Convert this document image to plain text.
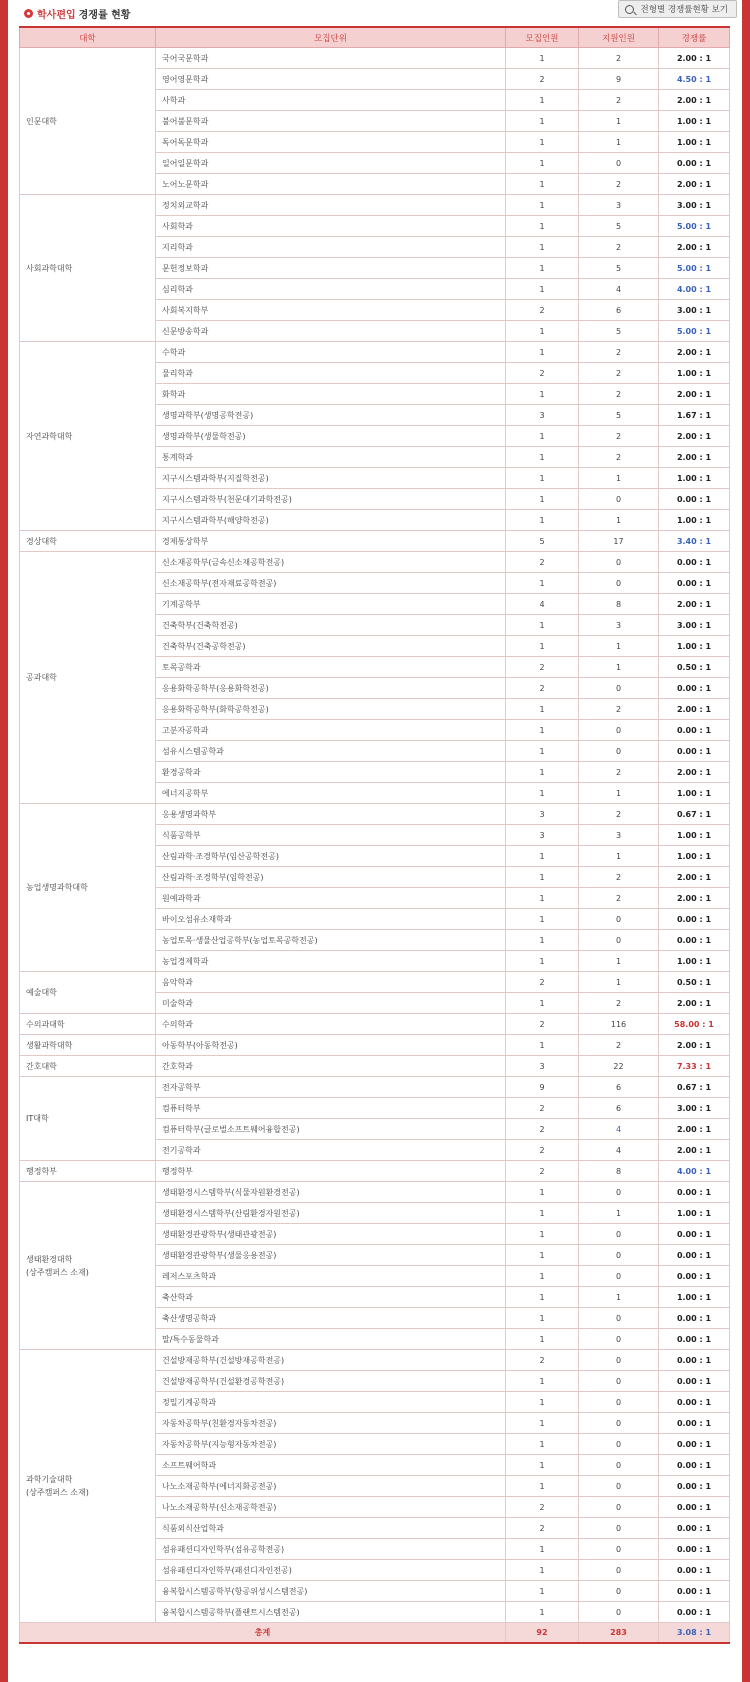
학사편입 경쟁률 현황	전형별 경쟁률현황 보기
대학	모집단위	모집인원	지원인원	경쟁률
인문대학	국어국문학과	1	2	2.00 : 1
	영어영문학과	2	9	4.50 : 1
	사학과	1	2	2.00 : 1
	불어불문학과	1	1	1.00 : 1
	독어독문학과	1	1	1.00 : 1
	일어일문학과	1	0	0.00 : 1
	노어노문학과	1	2	2.00 : 1
사회과학대학	정치외교학과	1	3	3.00 : 1
	사회학과	1	5	5.00 : 1
	지리학과	1	2	2.00 : 1
	문헌정보학과	1	5	5.00 : 1
	심리학과	1	4	4.00 : 1
	사회복지학부	2	6	3.00 : 1
	신문방송학과	1	5	5.00 : 1
자연과학대학	수학과	1	2	2.00 : 1
	물리학과	2	2	1.00 : 1
	화학과	1	2	2.00 : 1
	생명과학부(생명공학전공)	3	5	1.67 : 1
	생명과학부(생물학전공)	1	2	2.00 : 1
	통계학과	1	2	2.00 : 1
	지구시스템과학부(지질학전공)	1	1	1.00 : 1
	지구시스템과학부(천문대기과학전공)	1	0	0.00 : 1
	지구시스템과학부(해양학전공)	1	1	1.00 : 1
경상대학	경제통상학부	5	17	3.40 : 1
공과대학	신소재공학부(금속신소재공학전공)	2	0	0.00 : 1
	신소재공학부(전자재료공학전공)	1	0	0.00 : 1
	기계공학부	4	8	2.00 : 1
	건축학부(건축학전공)	1	3	3.00 : 1
	건축학부(건축공학전공)	1	1	1.00 : 1
	토목공학과	2	1	0.50 : 1
	응용화학공학부(응용화학전공)	2	0	0.00 : 1
	응용화학공학부(화학공학전공)	1	2	2.00 : 1
	고분자공학과	1	0	0.00 : 1
	섬유시스템공학과	1	0	0.00 : 1
	환경공학과	1	2	2.00 : 1
	에너지공학부	1	1	1.00 : 1
농업생명과학대학	응용생명과학부	3	2	0.67 : 1
	식품공학부	3	3	1.00 : 1
	산림과학·조경학부(임산공학전공)	1	1	1.00 : 1
	산림과학·조경학부(임학전공)	1	2	2.00 : 1
	원예과학과	1	2	2.00 : 1
	바이오섬유소재학과	1	0	0.00 : 1
	농업토목·생물산업공학부(농업토목공학전공)	1	0	0.00 : 1
	농업경제학과	1	1	1.00 : 1
예술대학	음악학과	2	1	0.50 : 1
	미술학과	1	2	2.00 : 1
수의과대학	수의학과	2	116	58.00 : 1
생활과학대학	아동학부(아동학전공)	1	2	2.00 : 1
간호대학	간호학과	3	22	7.33 : 1
IT대학	전자공학부	9	6	0.67 : 1
	컴퓨터학부	2	6	3.00 : 1
	컴퓨터학부(글로벌소프트웨어융합전공)	2	4	2.00 : 1
	전기공학과	2	4	2.00 : 1
행정학부	행정학부	2	8	4.00 : 1
생태환경대학
(상주캠퍼스 소재)	생태환경시스템학부(식물자원환경전공)	1	0	0.00 : 1
	생태환경시스템학부(산림환경자원전공)	1	1	1.00 : 1
	생태환경관광학부(생태관광전공)	1	0	0.00 : 1
	생태환경관광학부(생물응용전공)	1	0	0.00 : 1
	레저스포츠학과	1	0	0.00 : 1
	축산학과	1	1	1.00 : 1
	축산생명공학과	1	0	0.00 : 1
	말/특수동물학과	1	0	0.00 : 1
과학기술대학
(상주캠퍼스 소재)	건설방재공학부(건설방재공학전공)	2	0	0.00 : 1
	건설방재공학부(건설환경공학전공)	1	0	0.00 : 1
	정밀기계공학과	1	0	0.00 : 1
	자동차공학부(친환경자동차전공)	1	0	0.00 : 1
	자동차공학부(지능형자동차전공)	1	0	0.00 : 1
	소프트웨어학과	1	0	0.00 : 1
	나노소재공학부(에너지화공전공)	1	0	0.00 : 1
	나노소재공학부(신소재공학전공)	2	0	0.00 : 1
	식품외식산업학과	2	0	0.00 : 1
	섬유패션디자인학부(섬유공학전공)	1	0	0.00 : 1
	섬유패션디자인학부(패션디자인전공)	1	0	0.00 : 1
	융복합시스템공학부(항공위성시스템전공)	1	0	0.00 : 1
	융복합시스템공학부(플랜트시스템전공)	1	0	0.00 : 1
총계		92	283	3.08 : 1
